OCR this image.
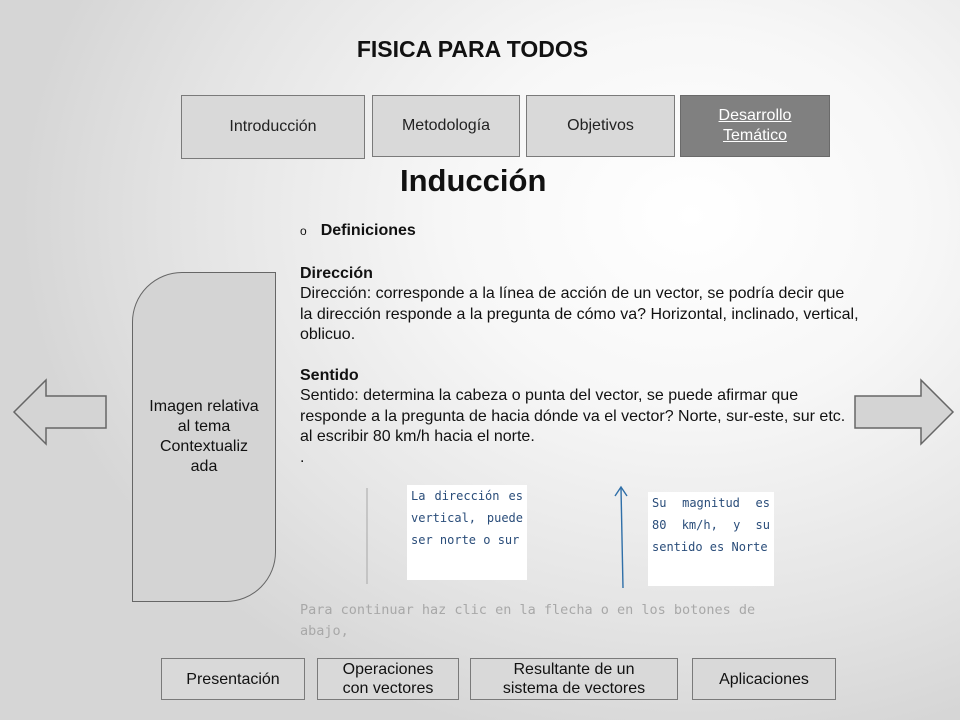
FISICA PARA TODOS
Introducción	Metodología	Objetivos
Desarrollo Temático
Inducción
Imagen relativa al tema Contextualiz ada
o Definiciones
Dirección
Dirección: corresponde a la línea de acción de un vector, se podría decir que la dirección responde a la pregunta de cómo va? Horizontal, inclinado, vertical, oblicuo.
Sentido
Sentido: determina la cabeza o punta del vector, se puede afirmar que responde a la pregunta de hacia dónde va el vector? Norte, sur-este, sur etc. al escribir 80 km/h hacia el norte.
.
La dirección es vertical, puede ser norte o sur
Su magnitud es 80 km/h, y su sentido es Norte
Para continuar haz clic en la flecha o en los botones de abajo,
Presentación
Operaciones con vectores
Resultante de un sistema de vectores
Aplicaciones
